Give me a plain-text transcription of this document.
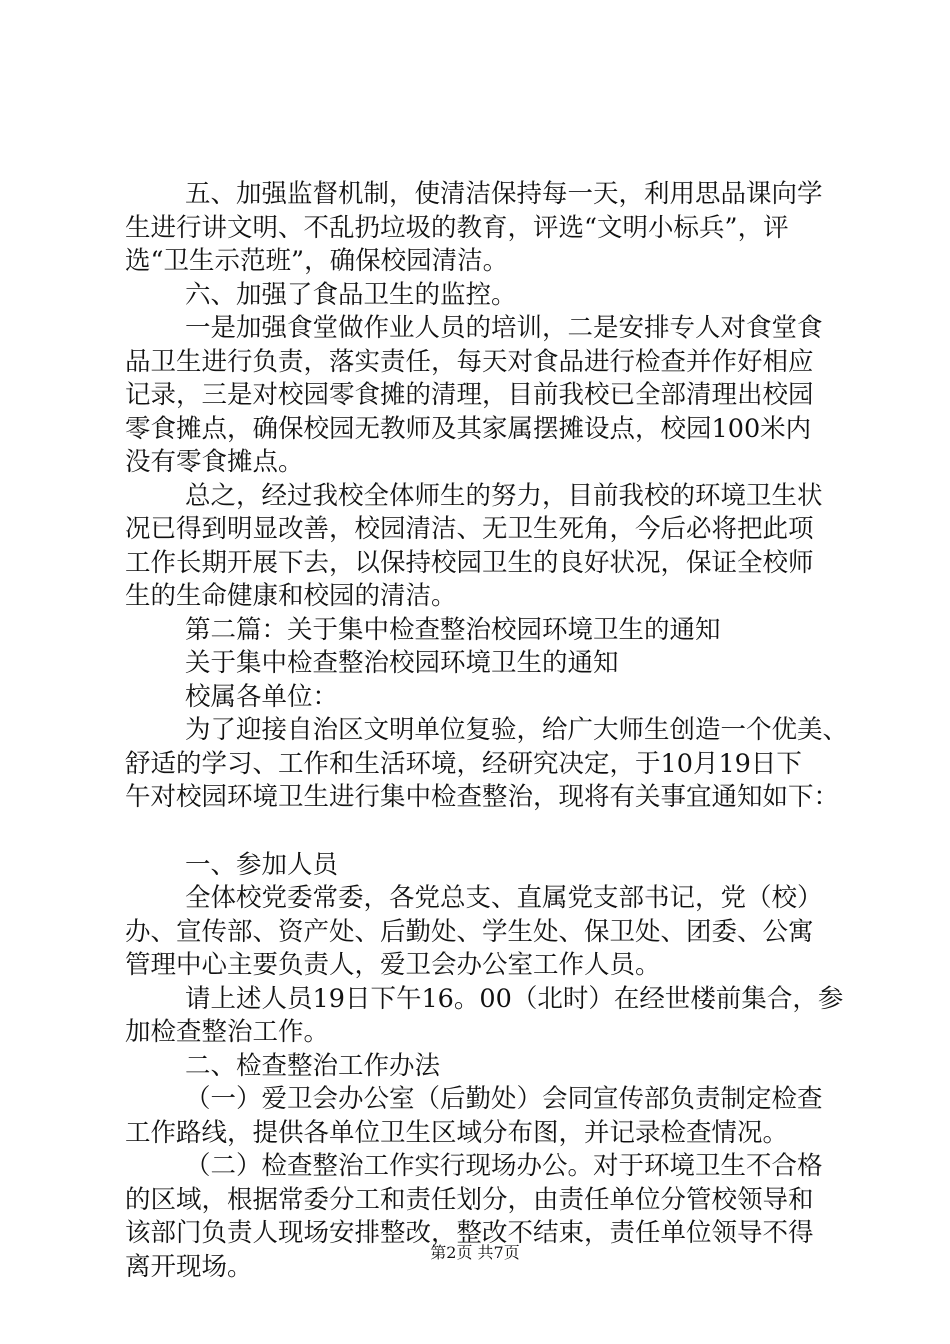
五、加强监督机制，使清洁保持每一天，利用思品课向学
生进行讲文明、不乱扔垃圾的教育，评选“文明小标兵”，评
选“卫生示范班”，确保校园清洁。
六、加强了食品卫生的监控。
一是加强食堂做作业人员的培训，二是安排专人对食堂食
品卫生进行负责，落实责任，每天对食品进行检查并作好相应
记录，三是对校园零食摊的清理，目前我校已全部清理出校园
零食摊点，确保校园无教师及其家属摆摊设点，校园100米内
没有零食摊点。
总之，经过我校全体师生的努力，目前我校的环境卫生状
况已得到明显改善，校园清洁、无卫生死角，今后必将把此项
工作长期开展下去，以保持校园卫生的良好状况，保证全校师
生的生命健康和校园的清洁。
第二篇：关于集中检查整治校园环境卫生的通知
关于集中检查整治校园环境卫生的通知
校属各单位：
为了迎接自治区文明单位复验，给广大师生创造一个优美、
舒适的学习、工作和生活环境，经研究决定，于10月19日下
午对校园环境卫生进行集中检查整治，现将有关事宜通知如下：
一、参加人员
全体校党委常委，各党总支、直属党支部书记，党（校）
办、宣传部、资产处、后勤处、学生处、保卫处、团委、公寓
管理中心主要负责人，爱卫会办公室工作人员。
请上述人员19日下午16。00（北时）在经世楼前集合，参
加检查整治工作。
二、检查整治工作办法
（一）爱卫会办公室（后勤处）会同宣传部负责制定检查
工作路线，提供各单位卫生区域分布图，并记录检查情况。
（二）检查整治工作实行现场办公。对于环境卫生不合格
的区域，根据常委分工和责任划分，由责任单位分管校领导和
该部门负责人现场安排整改，整改不结束，责任单位领导不得
离开现场。	第2页 共7页
